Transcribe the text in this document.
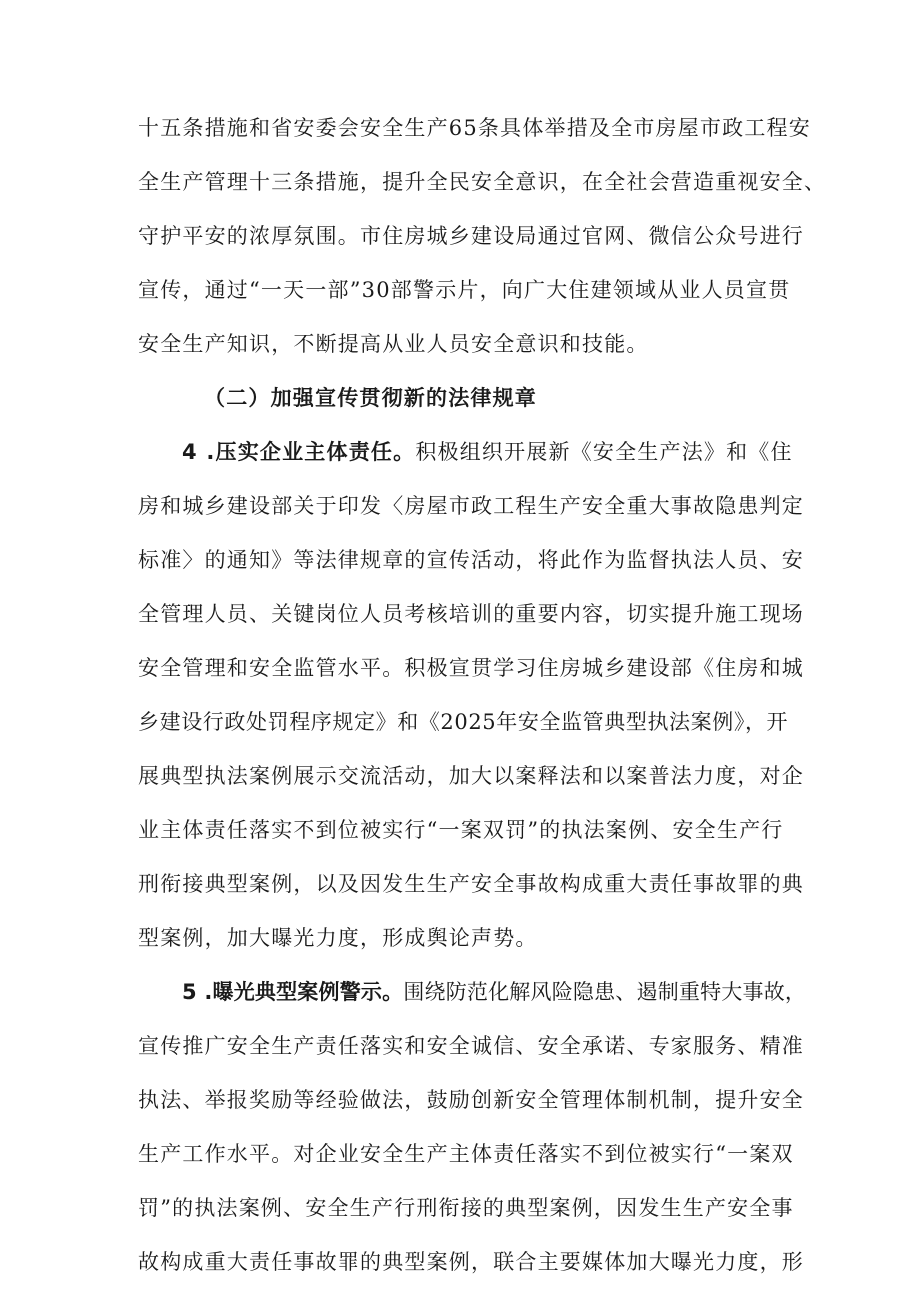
十五条措施和省安委会安全生产65条具体举措及全市房屋市政工程安
全生产管理十三条措施，提升全民安全意识，在全社会营造重视安全、
守护平安的浓厚氛围。市住房城乡建设局通过官网、微信公众号进行
宣传，通过“一天一部”30部警示片，向广大住建领域从业人员宣贯
安全生产知识，不断提高从业人员安全意识和技能。
（二）加强宣传贯彻新的法律规章
4 .压实企业主体责任。积极组织开展新《安全生产法》和《住
房和城乡建设部关于印发〈房屋市政工程生产安全重大事故隐患判定
标准〉的通知》等法律规章的宣传活动，将此作为监督执法人员、安
全管理人员、关键岗位人员考核培训的重要内容，切实提升施工现场
安全管理和安全监管水平。积极宣贯学习住房城乡建设部《住房和城
乡建设行政处罚程序规定》和《2025年安全监管典型执法案例》，开
展典型执法案例展示交流活动，加大以案释法和以案普法力度，对企
业主体责任落实不到位被实行“一案双罚”的执法案例、安全生产行
刑衔接典型案例，以及因发生生产安全事故构成重大责任事故罪的典
型案例，加大曝光力度，形成舆论声势。
5 .曝光典型案例警示。围绕防范化解风险隐患、遏制重特大事故，
宣传推广安全生产责任落实和安全诚信、安全承诺、专家服务、精准
执法、举报奖励等经验做法，鼓励创新安全管理体制机制，提升安全
生产工作水平。对企业安全生产主体责任落实不到位被实行“一案双
罚”的执法案例、安全生产行刑衔接的典型案例，因发生生产安全事
故构成重大责任事故罪的典型案例，联合主要媒体加大曝光力度，形
